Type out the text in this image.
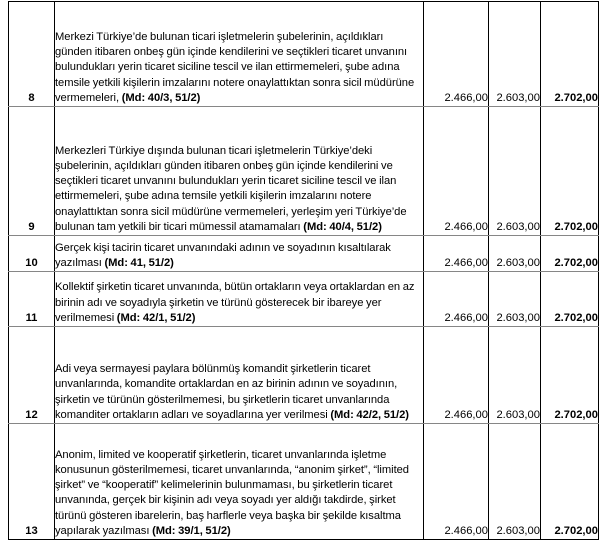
8	Merkezi Türkiye’de bulunan ticari işletmelerin şubelerinin, açıldıkları günden itibaren onbeş gün içinde kendilerini ve seçtikleri ticaret unvanını bulundukları yerin ticaret siciline tescil ve ilan ettirmemeleri, şube adına temsile yetkili kişilerin imzalarını notere onaylattıktan sonra sicil müdürüne vermemeleri, (Md: 40/3, 51/2)	2.466,00	2.603,00	2.702,00
9	Merkezleri Türkiye dışında bulunan ticari işletmelerin Türkiye’deki şubelerinin, açıldıkları günden itibaren onbeş gün içinde kendilerini ve seçtikleri ticaret unvanını bulundukları yerin ticaret siciline tescil ve ilan ettirmemeleri, şube adına temsile yetkili kişilerin imzalarını notere onaylattıktan sonra sicil müdürüne vermemeleri, yerleşim yeri Türkiye’de bulunan tam yetkili bir ticari mümessil atamamaları (Md: 40/4, 51/2)	2.466,00	2.603,00	2.702,00
10	Gerçek kişi tacirin ticaret unvanındaki adının ve soyadının kısaltılarak yazılması (Md: 41, 51/2)	2.466,00	2.603,00	2.702,00
11	Kollektif şirketin ticaret unvanında, bütün ortakların veya ortaklardan en az birinin adı ve soyadıyla şirketin ve türünü gösterecek bir ibareye yer verilmemesi (Md: 42/1, 51/2)	2.466,00	2.603,00	2.702,00
12	Adi veya sermayesi paylara bölünmüş komandit şirketlerin ticaret unvanlarında, komandite ortaklardan en az birinin adının ve soyadının, şirketin ve türünün gösterilmemesi, bu şirketlerin ticaret unvanlarında komanditer ortakların adları ve soyadlarına yer verilmesi (Md: 42/2, 51/2)	2.466,00	2.603,00	2.702,00
13	Anonim, limited ve kooperatif şirketlerin, ticaret unvanlarında işletme konusunun gösterilmemesi, ticaret unvanlarında, “anonim şirket”, “limited şirket” ve “kooperatif” kelimelerinin bulunmaması, bu şirketlerin ticaret unvanında, gerçek bir kişinin adı veya soyadı yer aldığı takdirde, şirket türünü gösteren ibarelerin, baş harflerle veya başka bir şekilde kısaltma yapılarak yazılması (Md: 39/1, 51/2)	2.466,00	2.603,00	2.702,00
